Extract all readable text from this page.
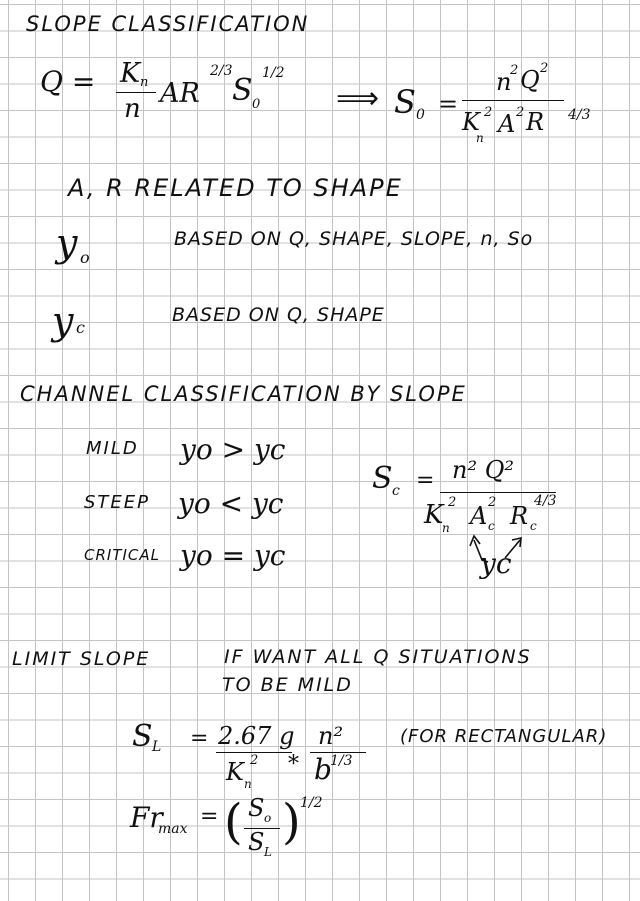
SLOPE CLASSIFICATION
Q = K n
n AR
2/3
S 0
1/2
⟹ S 0 =
n
2 Q 2
K
n
2 A 2 R 4/3
A, R RELATED TO SHAPE
y o
BASED ON Q, SHAPE, SLOPE, n, So
y c
BASED ON Q, SHAPE
CHANNEL CLASSIFICATION BY SLOPE
MILD yo > yc
STEEP yo < yc
CRITICAL yo = yc
S c = n² Q²
K
n
2 A c
2 R c
4/3
yc
LIMIT SLOPE	IF WANT ALL Q SITUATIONS
TO BE MILD
S L = 2.67 g
K n
2 *
n²
b
1/3
(FOR RECTANGULAR)
Fr
max = ( S o
S L
) 1/2
